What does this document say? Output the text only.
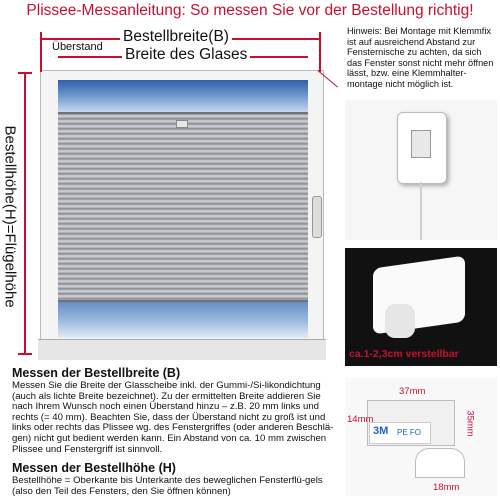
Plissee-Messanleitung: So messen Sie vor der Bestellung richtig!
Bestellbreite(B)
Überstand Breite des Glases
Bestellhöhe(H)=Flügelhöhe
Hinweis: Bei Montage mit Klemmfix ist auf ausreichend Abstand zur Fensternische zu achten, da sich das Fenster sonst nicht mehr öffnen lässt, bzw. eine Klemmhalter-montage nicht möglich ist.
ca.1-2,3cm verstellbar
3M PE FO
37mm
14mm	35mm
18mm
Messen der Bestellbreite (B)
Messen Sie die Breite der Glasscheibe inkl. der Gummi-/Si-likondichtung (auch als lichte Breite bezeichnet). Zu der ermittelten Breite addieren Sie nach Ihrem Wunsch noch einen Überstand hinzu – z.B. 20 mm links und rechts (= 40 mm). Beachten Sie, dass der Überstand nicht zu groß ist und links oder rechts das Plissee wg. des Fenstergriffes (oder anderen Beschlä-gen) nicht gut bedient werden kann. Ein Abstand von ca. 10 mm zwischen Plissee und Fenstergriff ist sinnvoll.
Messen der Bestellhöhe (H)
Bestellhöhe = Oberkante bis Unterkante des beweglichen Fensterflü-gels (also den Teil des Fensters, den Sie öffnen können)
